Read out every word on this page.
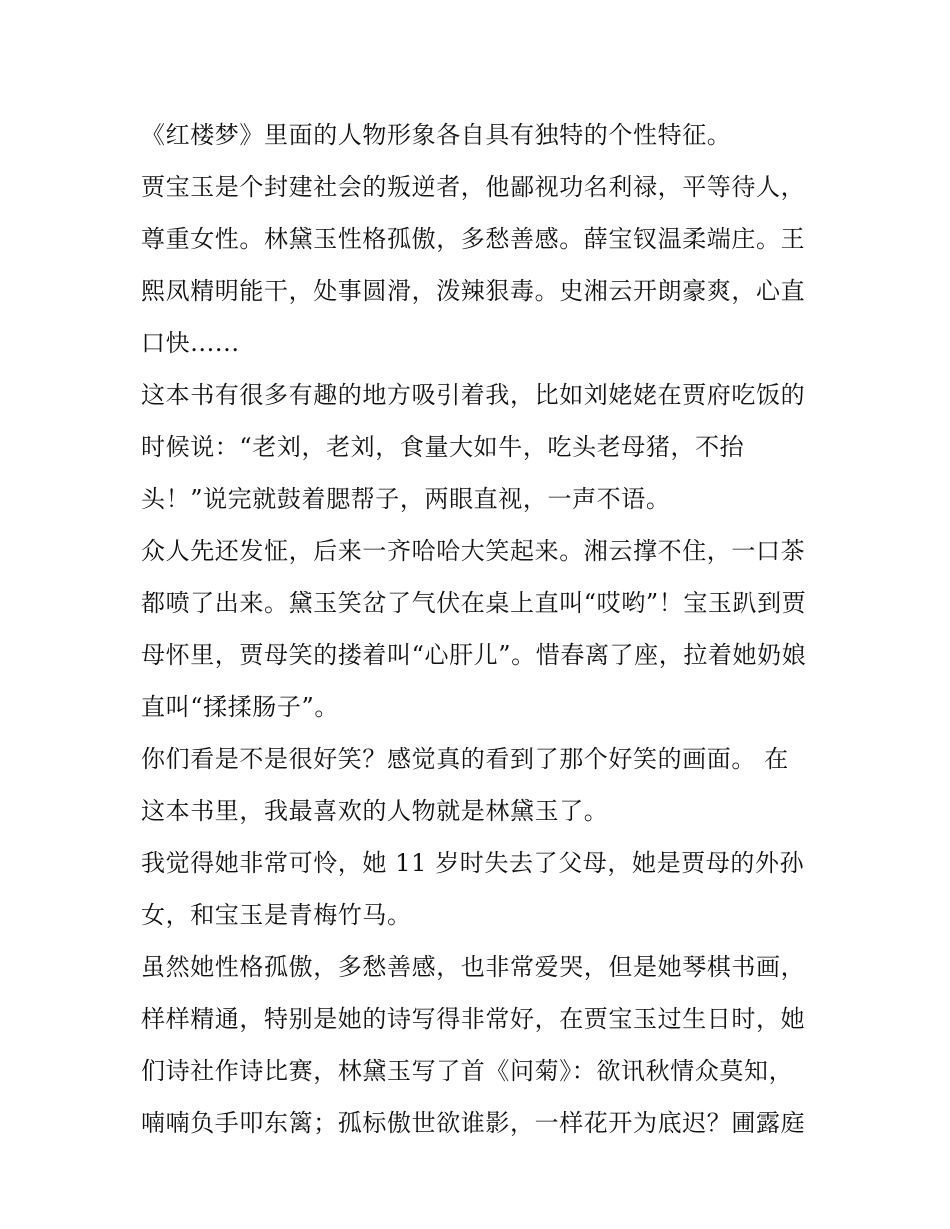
《红楼梦》里面的人物形象各自具有独特的个性特征。
贾宝玉是个封建社会的叛逆者，他鄙视功名利禄，平等待人，
尊重女性。林黛玉性格孤傲，多愁善感。薛宝钗温柔端庄。王
熙凤精明能干，处事圆滑，泼辣狠毒。史湘云开朗豪爽，心直
口快......
这本书有很多有趣的地方吸引着我，比如刘姥姥在贾府吃饭的
时候说：“老刘，老刘，食量大如牛，吃头老母猪，不抬
头！”说完就鼓着腮帮子，两眼直视，一声不语。
众人先还发怔，后来一齐哈哈大笑起来。湘云撑不住，一口茶
都喷了出来。黛玉笑岔了气伏在桌上直叫“哎哟”！宝玉趴到贾
母怀里，贾母笑的搂着叫“心肝儿”。惜春离了座，拉着她奶娘
直叫“揉揉肠子”。
你们看是不是很好笑？感觉真的看到了那个好笑的画面。 在
这本书里，我最喜欢的人物就是林黛玉了。
我觉得她非常可怜，她 11 岁时失去了父母，她是贾母的外孙
女，和宝玉是青梅竹马。
虽然她性格孤傲，多愁善感，也非常爱哭，但是她琴棋书画，
样样精通，特别是她的诗写得非常好，在贾宝玉过生日时，她
们诗社作诗比赛，林黛玉写了首《问菊》：欲讯秋情众莫知，
喃喃负手叩东篱；孤标傲世欲谁影，一样花开为底迟？圃露庭
